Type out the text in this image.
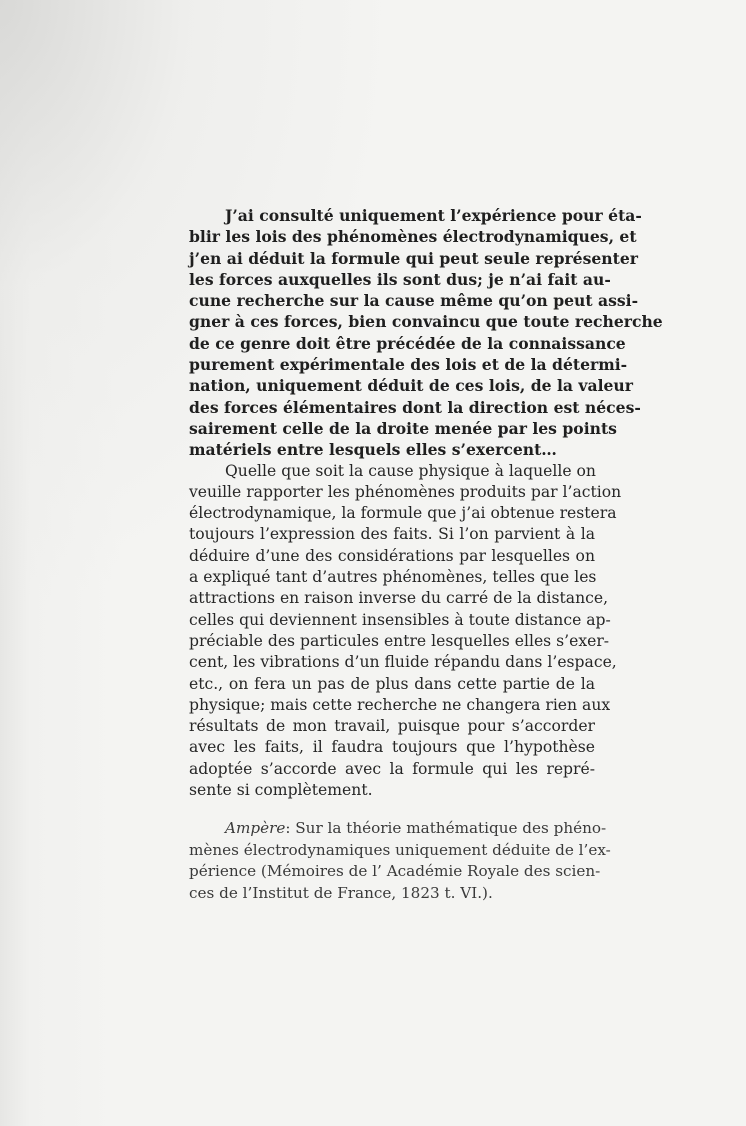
J’ai consulté uniquement l’expérience pour éta-
blir les lois des phénomènes électrodynamiques, et
j’en ai déduit la formule qui peut seule représenter
les forces auxquelles ils sont dus; je n’ai fait au-
cune recherche sur la cause même qu’on peut assi-
gner à ces forces, bien convaincu que toute recherche
de ce genre doit être précédée de la connaissance
purement expérimentale des lois et de la détermi-
nation, uniquement déduit de ces lois, de la valeur
des forces élémentaires dont la direction est néces-
sairement celle de la droite menée par les points
matériels entre lesquels elles s’exercent…

Quelle que soit la cause physique à laquelle on
veuille rapporter les phénomènes produits par l’action
électrodynamique, la formule que j’ai obtenue restera
toujours l’expression des faits. Si l’on parvient à la
déduire d’une des considérations par lesquelles on
a expliqué tant d’autres phénomènes, telles que les
attractions en raison inverse du carré de la distance,
celles qui deviennent insensibles à toute distance ap-
préciable des particules entre lesquelles elles s’exer-
cent, les vibrations d’un fluide répandu dans l’espace,
etc., on fera un pas de plus dans cette partie de la
physique; mais cette recherche ne changera rien aux
résultats de mon travail, puisque pour s’accorder
avec les faits, il faudra toujours que l’hypothèse
adoptée s’accorde avec la formule qui les repré-
sente si complètement.

Ampère: Sur la théorie mathématique des phéno-
mènes électrodynamiques uniquement déduite de l’ex-
périence (Mémoires de l’ Académie Royale des scien-
ces de l’Institut de France, 1823 t. VI.).
